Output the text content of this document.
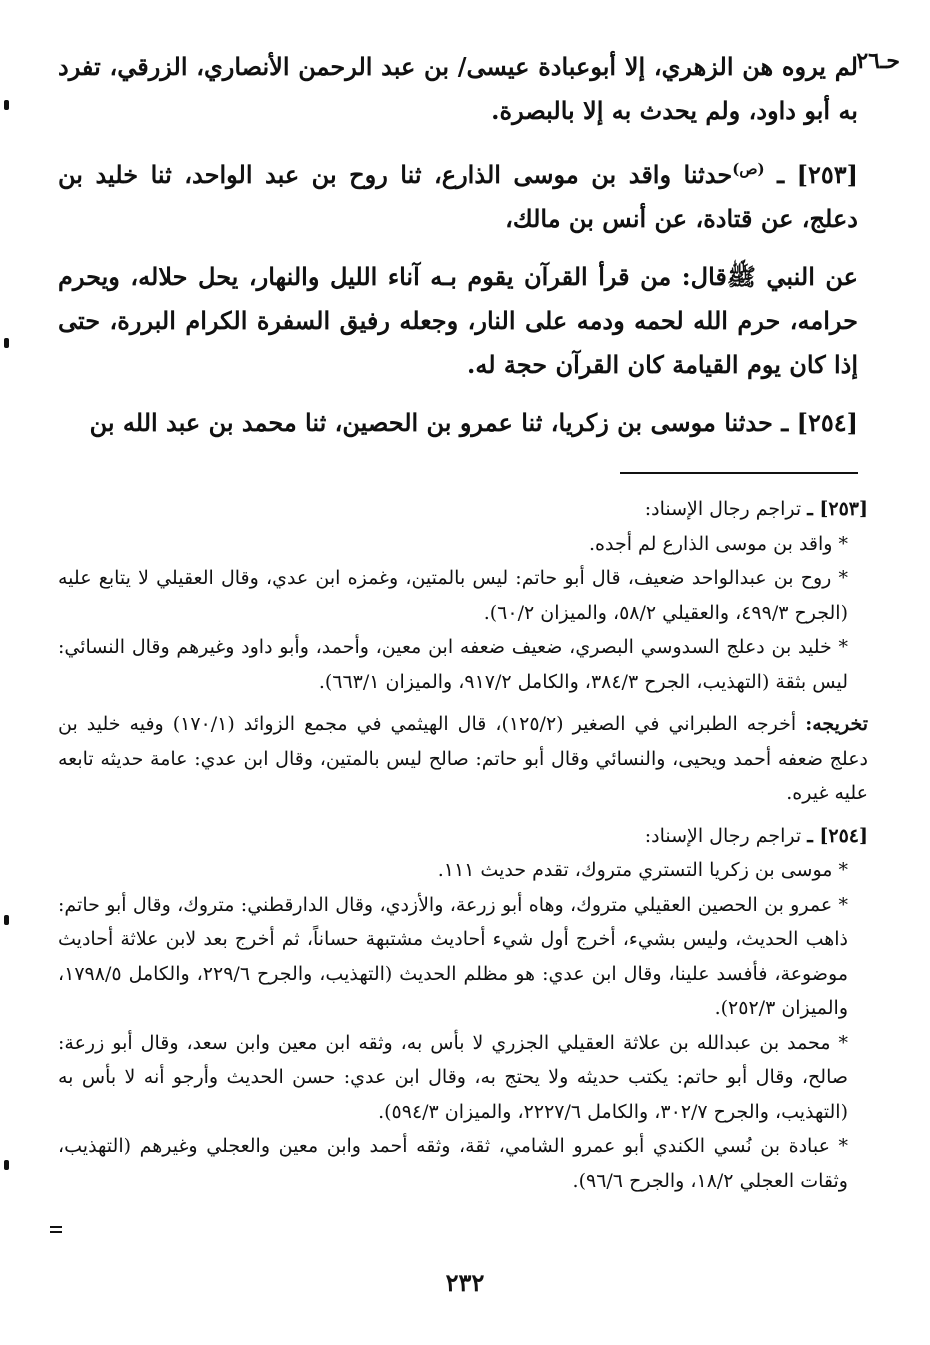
حـ٢٦

لم يروه هن الزهري، إلا أبوعبادة عيسى/ بن عبد الرحمن الأنصاري، الزرقي، تفرد به أبو داود، ولم يحدث به إلا بالبصرة.

[٢٥٣] ـ $^{(ص)}$حدثنا واقد بن موسى الذارع، ثنا روح بن عبد الواحد، ثنا خليد بن دعلج، عن قتادة، عن أنس بن مالك،

عن النبي ﷺقال: من قرأ القرآن يقوم بـه آناء الليل والنهار، يحل حلاله، ويحرم حرامه، حرم الله لحمه ودمه على النار، وجعله رفيق السفرة الكرام البررة، حتى إذا كان يوم القيامة كان القرآن حجة له.

[٢٥٤] ـ حدثنا موسى بن زكريا، ثنا عمرو بن الحصين، ثنا محمد بن عبد الله بن

[٢٥٣] ـ تراجم رجال الإسناد:

* واقد بن موسى الذارع لم أجده.

* روح بن عبدالواحد ضعيف، قال أبو حاتم: ليس بالمتين، وغمزه ابن عدي، وقال العقيلي لا يتابع عليه (الجرح ٤٩٩/٣، والعقيلي ٥٨/٢، والميزان ٦٠/٢).

* خليد بن دعلج السدوسي البصري، ضعيف ضعفه ابن معين، وأحمد، وأبو داود وغيرهم وقال النسائي: ليس بثقة (التهذيب، الجرح ٣٨٤/٣، والكامل ٩١٧/٢، والميزان ٦٦٣/١).

تخريجه: أخرجه الطبراني في الصغير (١٢٥/٢)، قال الهيثمي في مجمع الزوائد (١٧٠/١) وفيه خليد بن دعلج ضعفه أحمد ويحيى، والنسائي وقال أبو حاتم: صالح ليس بالمتين، وقال ابن عدي: عامة حديثه تابعه عليه غيره.

[٢٥٤] ـ تراجم رجال الإسناد:

* موسى بن زكريا التستري متروك، تقدم حديث ١١١.

* عمرو بن الحصين العقيلي متروك، وهاه أبو زرعة، والأزدي، وقال الدارقطني: متروك، وقال أبو حاتم: ذاهب الحديث، وليس بشيء، أخرج أول شيء أحاديث مشتبهة حساناً، ثم أخرج بعد لابن علاثة أحاديث موضوعة، فأفسد علينا، وقال ابن عدي: هو مظلم الحديث (التهذيب، والجرح ٢٢٩/٦، والكامل ١٧٩٨/٥، والميزان ٢٥٢/٣).

* محمد بن عبدالله بن علاثة العقيلي الجزري لا بأس به، وثقه ابن معين وابن سعد، وقال أبو زرعة: صالح، وقال أبو حاتم: يكتب حديثه ولا يحتج به، وقال ابن عدي: حسن الحديث وأرجو أنه لا بأس به (التهذيب، والجرح ٣٠٢/٧، والكامل ٢٢٢٧/٦، والميزان ٥٩٤/٣).

* عبادة بن نُسي الكندي أبو عمرو الشامي، ثقة، وثقه أحمد وابن معين والعجلي وغيرهم (التهذيب، وثقات العجلي ١٨/٢، والجرح ٩٦/٦).

٢٣٢
